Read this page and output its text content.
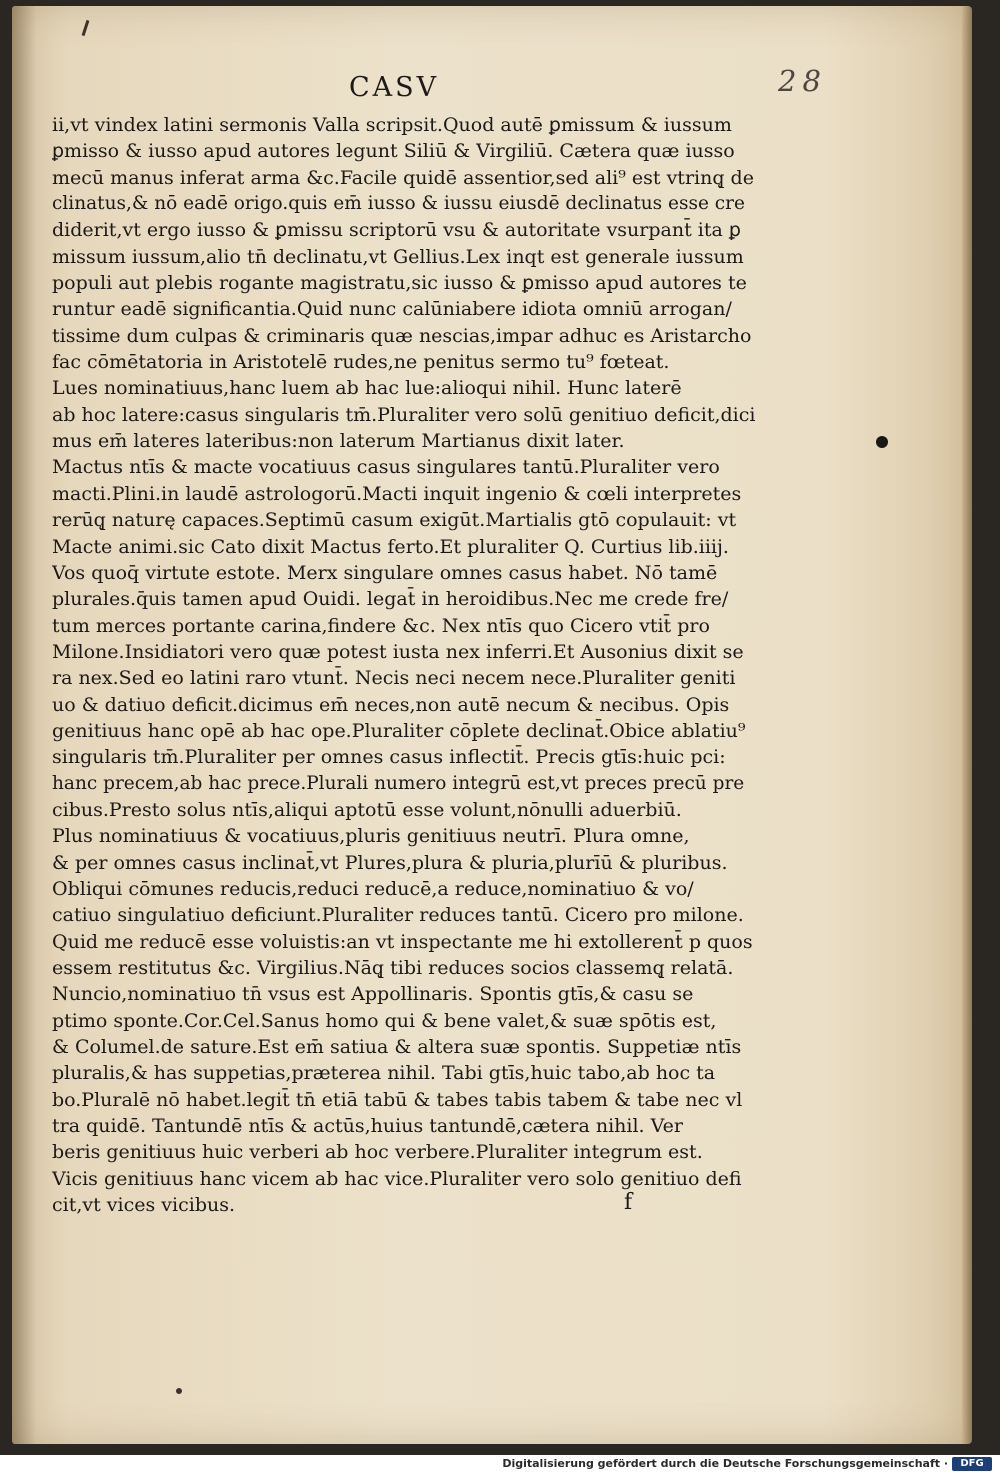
CASV	28
ii,vt vindex latini sermonis Valla scripsit.Quod autē ꝑmissum & iussum
ꝑmisso & iusso apud autores legunt Siliū & Virgiliū. Cætera quæ iusso
mecū manus inferat arma &c.Facile quidē assentior,sed ali⁹ est vtrinq̨ de
clinatus,& nō eadē origo.quis em̄ iusso & iussu eiusdē declinatus esse cre
diderit,vt ergo iusso & ꝑmissu scriptorū vsu & autoritate vsurpant̄ ita ꝑ
missum iussum,alio tn̄ declinatu,vt Gellius.Lex inqt est generale iussum
populi aut plebis rogante magistratu,sic iusso & ꝑmisso apud autores te
runtur eadē significantia.Quid nunc calūniabere idiota omniū arrogan/
tissime dum culpas & criminaris quæ nescias,impar adhuc es Aristarcho
fac cōmētatoria in Aristotelē rudes,ne penitus sermo tu⁹ fœteat.
Lues nominatiuus,hanc luem ab hac lue:alioqui nihil. Hunc laterē
ab hoc latere:casus singularis tm̄.Pluraliter vero solū genitiuo deficit,dici
mus em̄ lateres lateribus:non laterum Martianus dixit later.
Mactus ntīs & macte vocatiuus casus singulares tantū.Pluraliter vero
macti.Plini.in laudē astrologorū.Macti inquit ingenio & cœli interpretes
rerūq̨ naturę capaces.Septimū casum exigūt.Martialis gtō copulauit: vt
Macte animi.sic Cato dixit Mactus ferto.Et pluraliter Q. Curtius lib.iiij.
Vos quoq̄ virtute estote. Merx singulare omnes casus habet. Nō tamē
plurales.q̄uis tamen apud Ouidi. legat̄ in heroidibus.Nec me crede fre/
tum merces portante carina,findere &c. Nex ntīs quo Cicero vtit̄ pro
Milone.Insidiatori vero quæ potest iusta nex inferri.Et Ausonius dixit se
ra nex.Sed eo latini raro vtunt̄. Necis neci necem nece.Pluraliter geniti
uo & datiuo deficit.dicimus em̄ neces,non autē necum & necibus. Opis
genitiuus hanc opē ab hac ope.Pluraliter cōplete declinat̄.Obice ablatiu⁹
singularis tm̄.Pluraliter per omnes casus inflectit̄. Precis gtīs:huic pci:
hanc precem,ab hac prece.Plurali numero integrū est,vt preces precū pre
cibus.Presto solus ntīs,aliqui aptotū esse volunt,nōnulli aduerbiū.
Plus nominatiuus & vocatiuus,pluris genitiuus neutrī. Plura omne,
& per omnes casus inclinat̄,vt Plures,plura & pluria,plurīū & pluribus.
Obliqui cōmunes reducis,reduci reducē,a reduce,nominatiuo & vo/
catiuo singulatiuo deficiunt.Pluraliter reduces tantū. Cicero pro milone.
Quid me reducē esse voluistis:an vt inspectante me hi extollerent̄ p quos
essem restitutus &c. Virgilius.Nāq̨ tibi reduces socios classemq̨ relatā.
Nuncio,nominatiuo tn̄ vsus est Appollinaris. Spontis gtīs,& casu se
ptimo sponte.Cor.Cel.Sanus homo qui & bene valet,& suæ spōtis est,
& Columel.de sature.Est em̄ satiua & altera suæ spontis. Suppetiæ ntīs
pluralis,& has suppetias,præterea nihil. Tabi gtīs,huic tabo,ab hoc ta
bo.Pluralē nō habet.legit̄ tn̄ etiā tabū & tabes tabis tabem & tabe nec vl
tra quidē. Tantundē ntīs & actūs,huius tantundē,cætera nihil. Ver
beris genitiuus huic verberi ab hoc verbere.Pluraliter integrum est.
Vicis genitiuus hanc vicem ab hac vice.Pluraliter vero solo genitiuo defi
cit,vt vices vicibus.	f
Digitalisierung gefördert durch die Deutsche Forschungsgemeinschaft ·	DFG
